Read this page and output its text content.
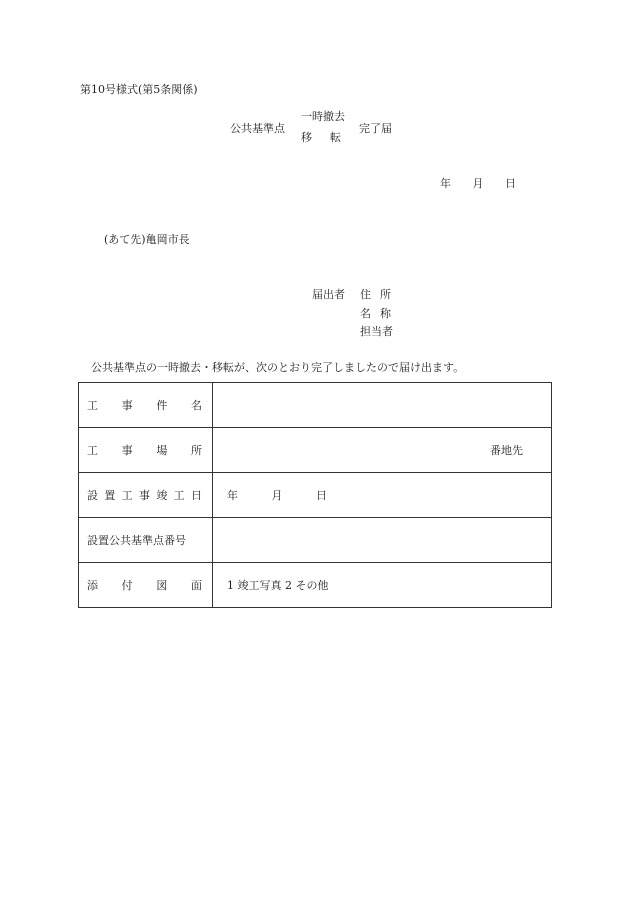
第10号様式(第5条関係)
公共基準点
一時撤去
移転
完了届
年 月 日
(あて先)亀岡市長
届出者 住所
名称
担当者
公共基準点の一時撤去・移転が、次のとおり完了しましたので届け出ます。
工事件名	
工事場所	番地先

設置工事竣工日	年 月 日
設置公共基準点番号	
添付図面	1 竣工写真 2 その他
